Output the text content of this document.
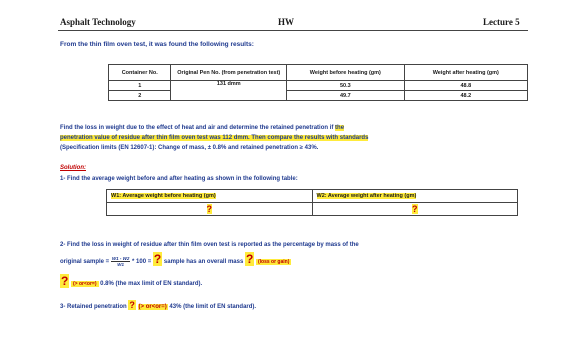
Asphalt Technology	HW	Lecture 5
From the thin film oven test, it was found the following results:
Container No.	Original Pen No. (from penetration test)	Weight before heating (gm)	Weight after heating (gm)
1	131 dmm	50.3	48.8
2		49.7	48.2
Find the loss in weight due to the effect of heat and air and determine the retained penetration if the
penetration value of residue after thin film oven test was 112 dmm. Then compare the results with standards
(Specification limits (EN 12607-1): Change of mass, ± 0.8% and retained penetration ≥ 43%.
Solution:
1- Find the average weight before and after heating as shown in the following table:
W1: Average weight before heating (gm)	W2: Average weight after heating (gm)
?	?
2- Find the loss in weight of residue after thin film oven test is reported as the percentage by mass of the
original sample = $\frac{W1 - W2}{W1} * 100$ = ? sample has an overall mass ? (loss or gain)
? (> or<or=) 0.8% (the max limit of EN standard).
3- Retained penetration ? (> or<or=) 43% (the limit of EN standard).
